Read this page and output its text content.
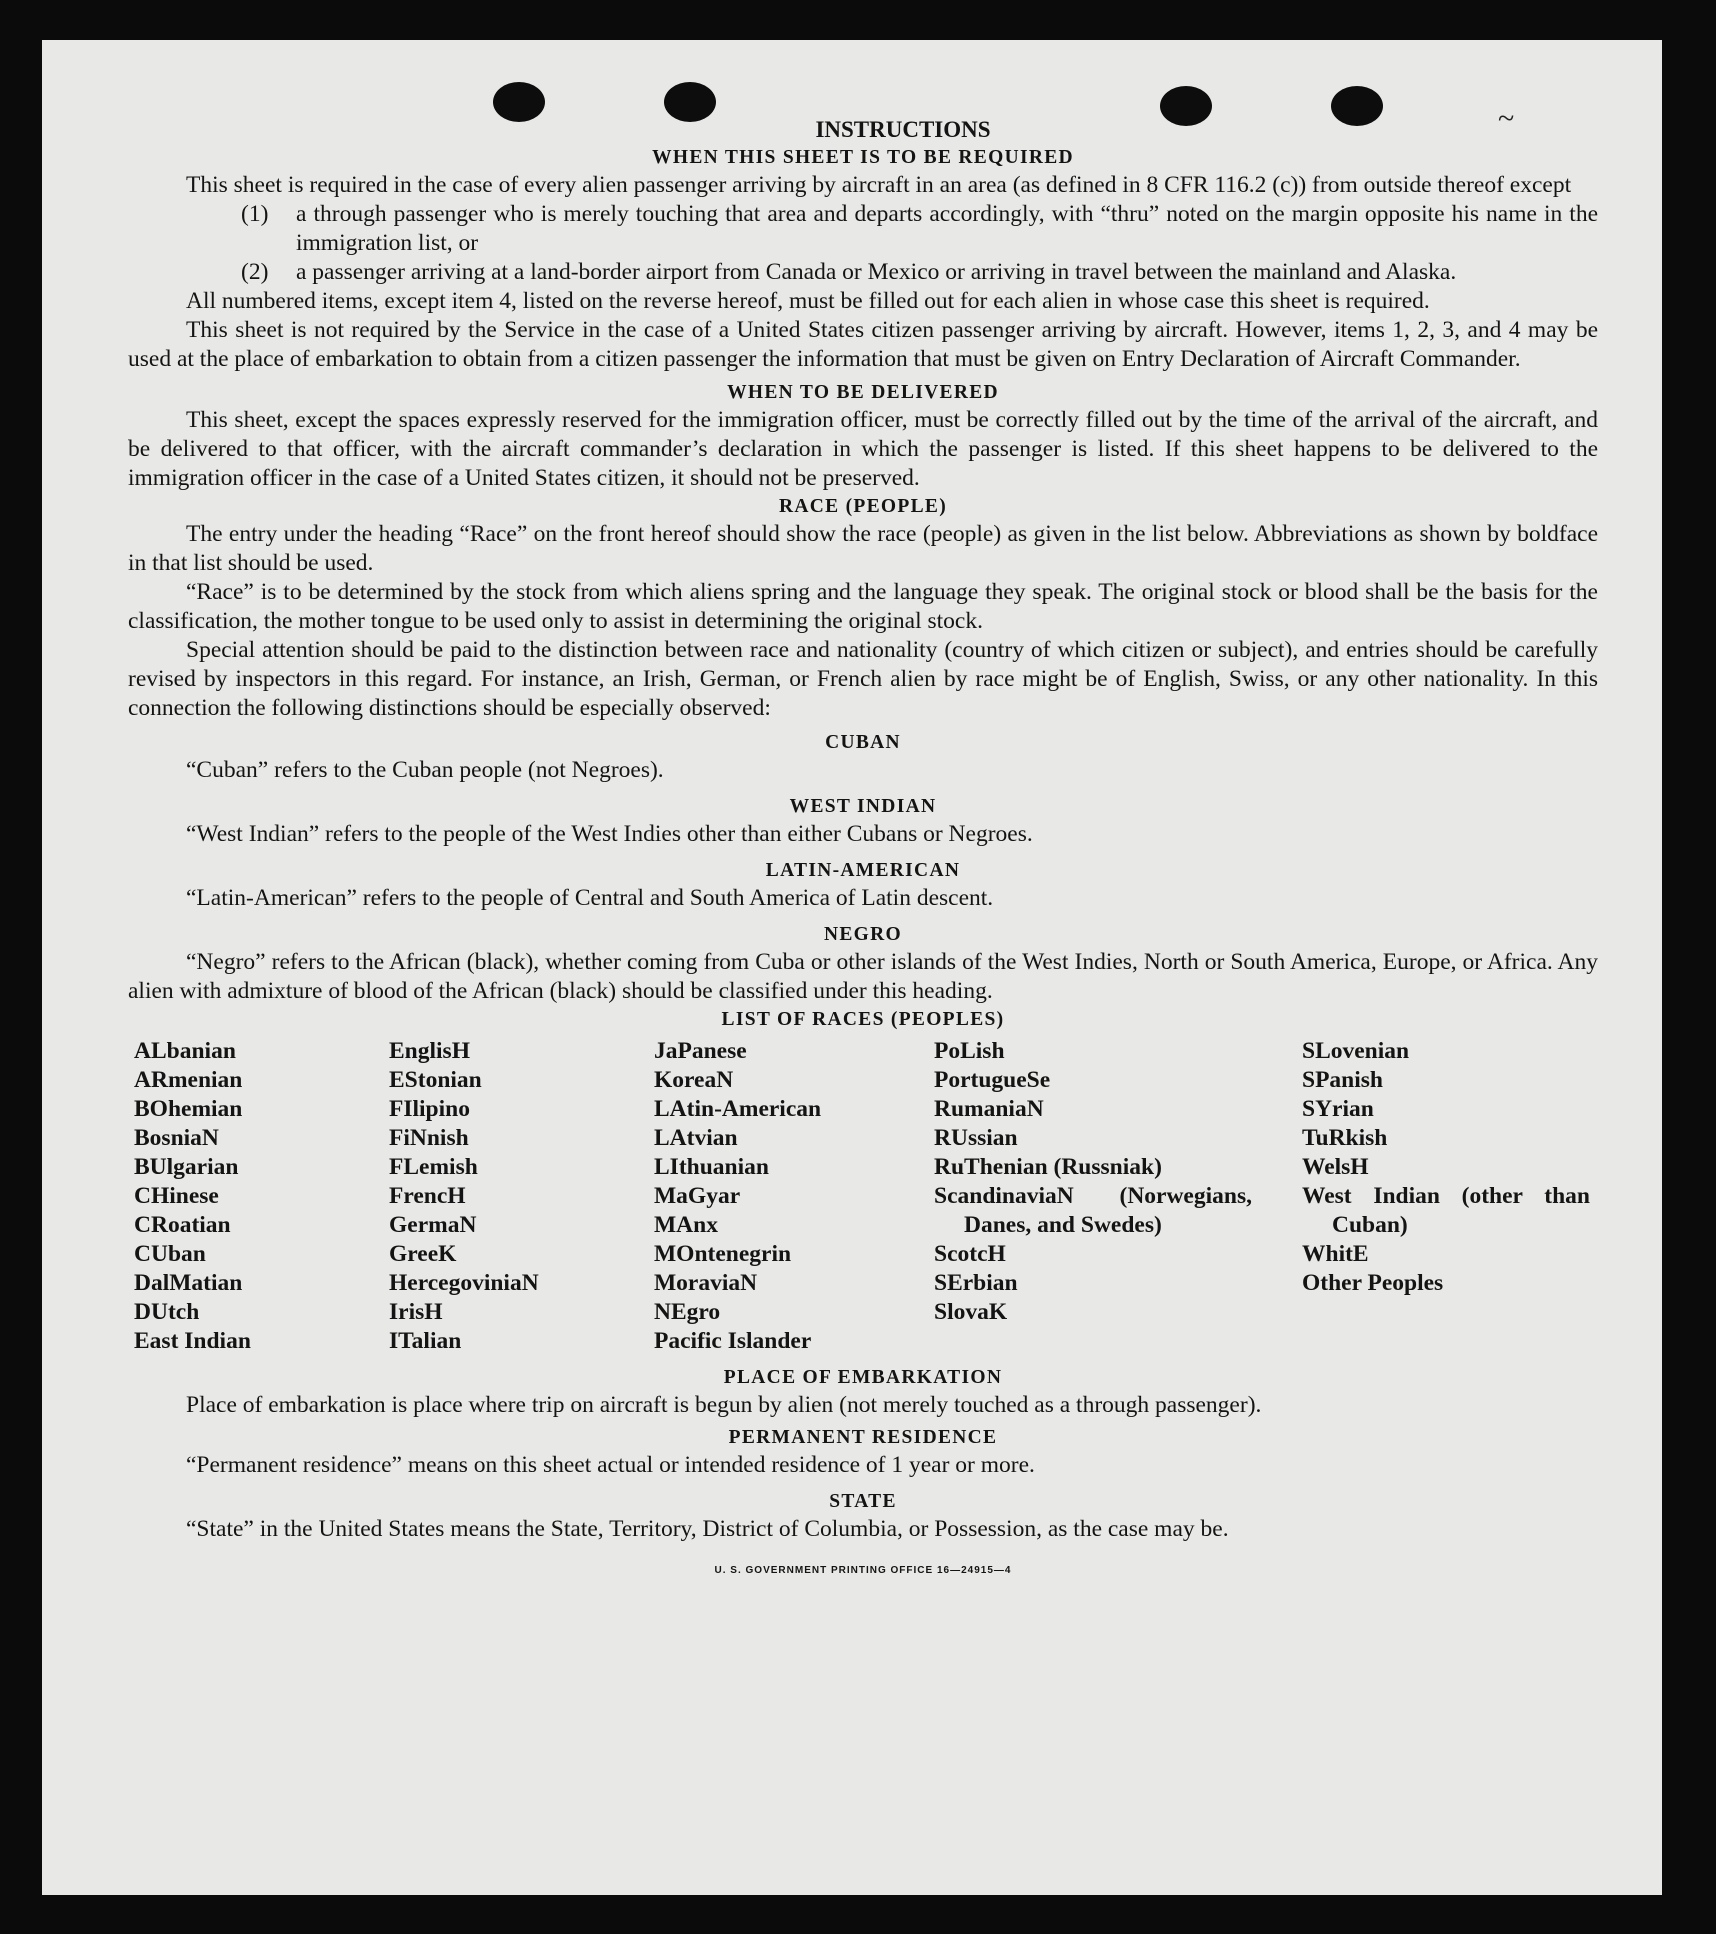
~
INSTRUCTIONS
WHEN THIS SHEET IS TO BE REQUIRED

This sheet is required in the case of every alien passenger arriving by aircraft in an area (as defined in 8 CFR 116.2 (c)) from outside thereof except

(1)	a through passenger who is merely touching that area and departs accordingly, with “thru” noted on the margin opposite his name in the immigration list, or
(2)	a passenger arriving at a land-border airport from Canada or Mexico or arriving in travel between the mainland and Alaska.

All numbered items, except item 4, listed on the reverse hereof, must be filled out for each alien in whose case this sheet is required.

This sheet is not required by the Service in the case of a United States citizen passenger arriving by aircraft. However, items 1, 2, 3, and 4 may be used at the place of embarkation to obtain from a citizen passenger the information that must be given on Entry Declaration of Aircraft Commander.

WHEN TO BE DELIVERED

This sheet, except the spaces expressly reserved for the immigration officer, must be correctly filled out by the time of the arrival of the aircraft, and be delivered to that officer, with the aircraft commander’s declaration in which the passenger is listed. If this sheet happens to be delivered to the immigration officer in the case of a United States citizen, it should not be preserved.

RACE (PEOPLE)

The entry under the heading “Race” on the front hereof should show the race (people) as given in the list below. Abbreviations as shown by boldface in that list should be used.

“Race” is to be determined by the stock from which aliens spring and the language they speak. The original stock or blood shall be the basis for the classification, the mother tongue to be used only to assist in determining the original stock.

Special attention should be paid to the distinction between race and nationality (country of which citizen or subject), and entries should be carefully revised by inspectors in this regard. For instance, an Irish, German, or French alien by race might be of English, Swiss, or any other nationality. In this connection the following distinctions should be especially observed:

CUBAN

“Cuban” refers to the Cuban people (not Negroes).

WEST INDIAN

“West Indian” refers to the people of the West Indies other than either Cubans or Negroes.

LATIN-AMERICAN

“Latin-American” refers to the people of Central and South America of Latin descent.

NEGRO

“Negro” refers to the African (black), whether coming from Cuba or other islands of the West Indies, North or South America, Europe, or Africa. Any alien with admixture of blood of the African (black) should be classified under this heading.

LIST OF RACES (PEOPLES)
ALbanian
ARmenian
BOhemian
BosniaN
BUlgarian
CHinese
CRoatian
CUban
DalMatian
DUtch
East Indian
EnglisH
EStonian
FIlipino
FiNnish
FLemish
FrencH
GermaN
GreeK
HercegoviniaN
IrisH
ITalian
JaPanese
KoreaN
LAtin-American
LAtvian
LIthuanian
MaGyar
MAnx
MOntenegrin
MoraviaN
NEgro
Pacific Islander
PoLish
PortugueSe
RumaniaN
RUssian
RuThenian (Russniak)
ScandinaviaN (Norwegians, Danes, and Swedes)
ScotcH
SErbian
SlovaK
SLovenian
SPanish
SYrian
TuRkish
WelsH
West Indian (other than Cuban)
WhitE
Other Peoples
PLACE OF EMBARKATION

Place of embarkation is place where trip on aircraft is begun by alien (not merely touched as a through passenger).

PERMANENT RESIDENCE

“Permanent residence” means on this sheet actual or intended residence of 1 year or more.

STATE

“State” in the United States means the State, Territory, District of Columbia, or Possession, as the case may be.

U. S. GOVERNMENT PRINTING OFFICE 16—24915—4
